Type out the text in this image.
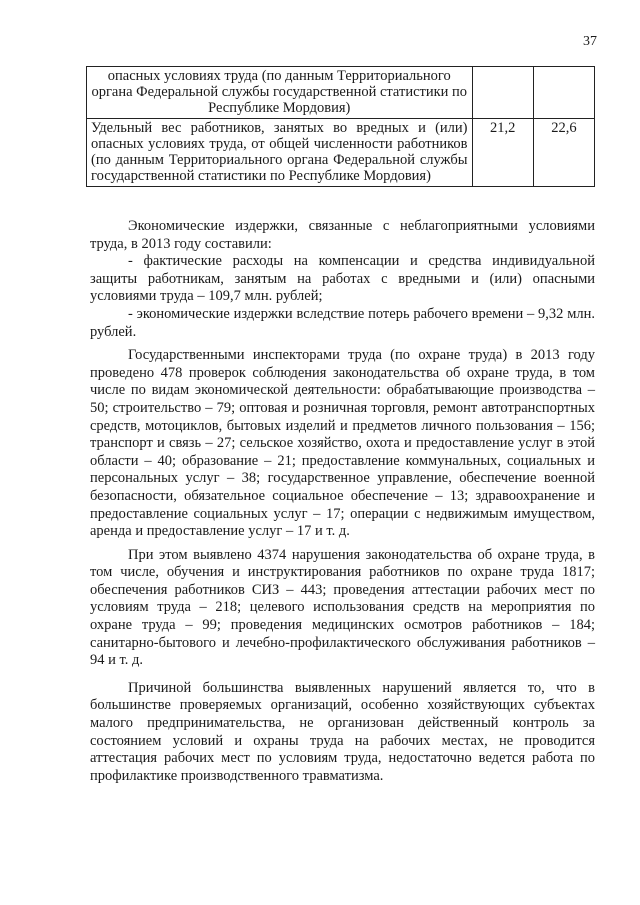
37
опасных условиях труда (по данным Территориального органа Федеральной службы государственной статистики по Республике Мордовия)		
Удельный вес работников, занятых во вредных и (или) опасных условиях труда, от общей численности работников (по данным Территориального органа Федеральной службы государственной статистики по Республике Мордовия)	21,2	22,6

Экономические издержки, связанные с неблагоприятными условиями труда, в 2013 году составили:

- фактические расходы на компенсации и средства индивидуальной защиты работникам, занятым на работах с вредными и (или) опасными условиями труда – 109,7 млн. рублей;

- экономические издержки вследствие потерь рабочего времени – 9,32 млн. рублей.

Государственными инспекторами труда (по охране труда) в 2013 году проведено 478 проверок соблюдения законодательства об охране труда, в том числе по видам экономической деятельности: обрабатывающие производства – 50; строительство – 79; оптовая и розничная торговля, ремонт автотранспортных средств, мотоциклов, бытовых изделий и предметов личного пользования – 156; транспорт и связь – 27; сельское хозяйство, охота и предоставление услуг в этой области – 40; образование – 21; предоставление коммунальных, социальных и персональных услуг – 38; государственное управление, обеспечение военной безопасности, обязательное социальное обеспечение – 13; здравоохранение и предоставление социальных услуг – 17; операции с недвижимым имуществом, аренда и предоставление услуг – 17 и т. д.

При этом выявлено 4374 нарушения законодательства об охране труда, в том числе, обучения и инструктирования работников по охране труда 1817; обеспечения работников СИЗ – 443; проведения аттестации рабочих мест по условиям труда – 218; целевого использования средств на мероприятия по охране труда – 99; проведения медицинских осмотров работников – 184; санитарно-бытового и лечебно-профилактического обслуживания работников – 94 и т. д.

Причиной большинства выявленных нарушений является то, что в большинстве проверяемых организаций, особенно хозяйствующих субъектах малого предпринимательства, не организован действенный контроль за состоянием условий и охраны труда на рабочих местах, не проводится аттестация рабочих мест по условиям труда, недостаточно ведется работа по профилактике производственного травматизма.
